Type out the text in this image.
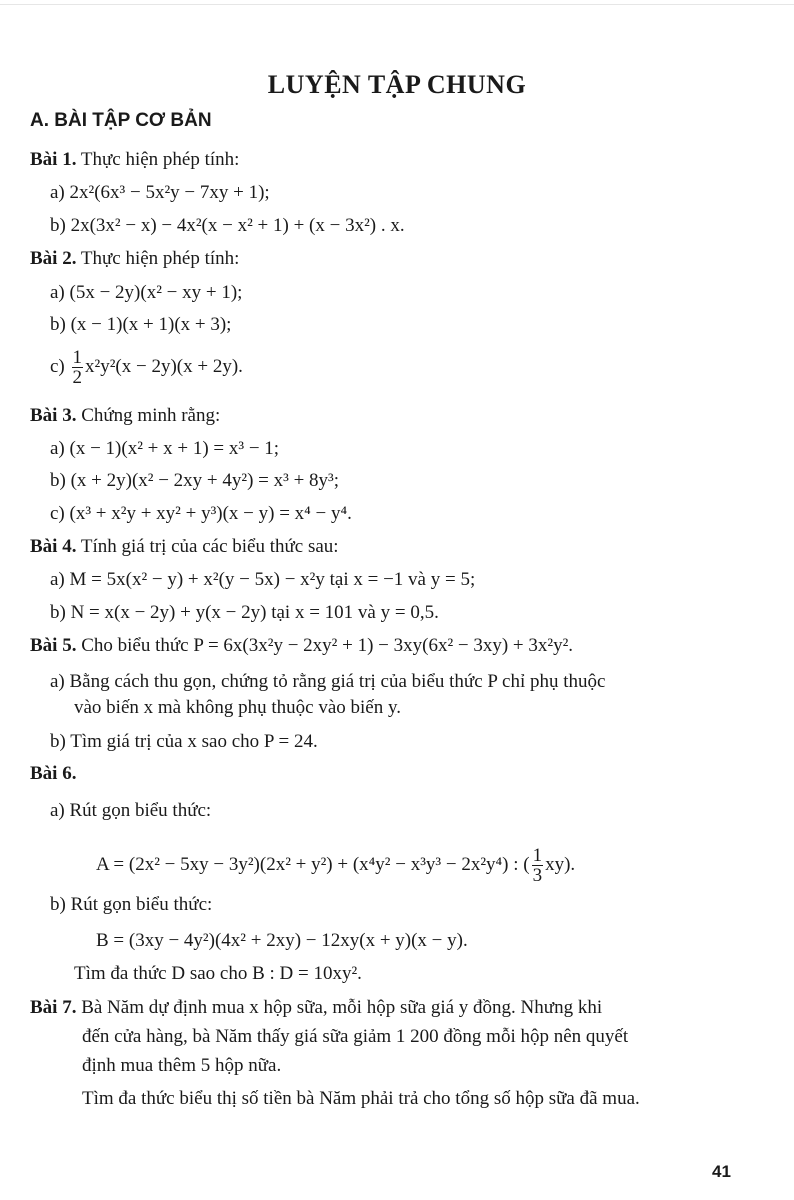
LUYỆN TẬP CHUNG
A. BÀI TẬP CƠ BẢN
Bài 1. Thực hiện phép tính:
a) 2x²(6x³ − 5x²y − 7xy + 1);
b) 2x(3x² − x) − 4x²(x − x² + 1) + (x − 3x²) . x.
Bài 2. Thực hiện phép tính:
a) (5x − 2y)(x² − xy + 1);
b) (x − 1)(x + 1)(x + 3);
$c) \frac{1}{2} x^2y^2(x - 2y)(x + 2y)$.
Bài 3. Chứng minh rằng:
a) (x − 1)(x² + x + 1) = x³ − 1;
b) (x + 2y)(x² − 2xy + 4y²) = x³ + 8y³;
c) (x³ + x²y + xy² + y³)(x − y) = x⁴ − y⁴.
Bài 4. Tính giá trị của các biểu thức sau:
a) M = 5x(x² − y) + x²(y − 5x) − x²y tại x = −1 và y = 5;
b) N = x(x − 2y) + y(x − 2y) tại x = 101 và y = 0,5.
Bài 5. Cho biểu thức P = 6x(3x²y − 2xy² + 1) − 3xy(6x² − 3xy) + 3x²y².
a) Bằng cách thu gọn, chứng tỏ rằng giá trị của biểu thức P chỉ phụ thuộc
vào biến x mà không phụ thuộc vào biến y.
b) Tìm giá trị của x sao cho P = 24.
Bài 6.
a) Rút gọn biểu thức:
A = (2x² − 5xy − 3y²)(2x² + y²) + (x⁴y² − x³y³ − 2x²y⁴) : ( $\frac{1}{3} xy$).
b) Rút gọn biểu thức:
B = (3xy − 4y²)(4x² + 2xy) − 12xy(x + y)(x − y).
Tìm đa thức D sao cho B : D = 10xy².
Bài 7. Bà Năm dự định mua x hộp sữa, mỗi hộp sữa giá y đồng. Nhưng khi
đến cửa hàng, bà Năm thấy giá sữa giảm 1 200 đồng mỗi hộp nên quyết
định mua thêm 5 hộp nữa.
Tìm đa thức biểu thị số tiền bà Năm phải trả cho tổng số hộp sữa đã mua.
41
